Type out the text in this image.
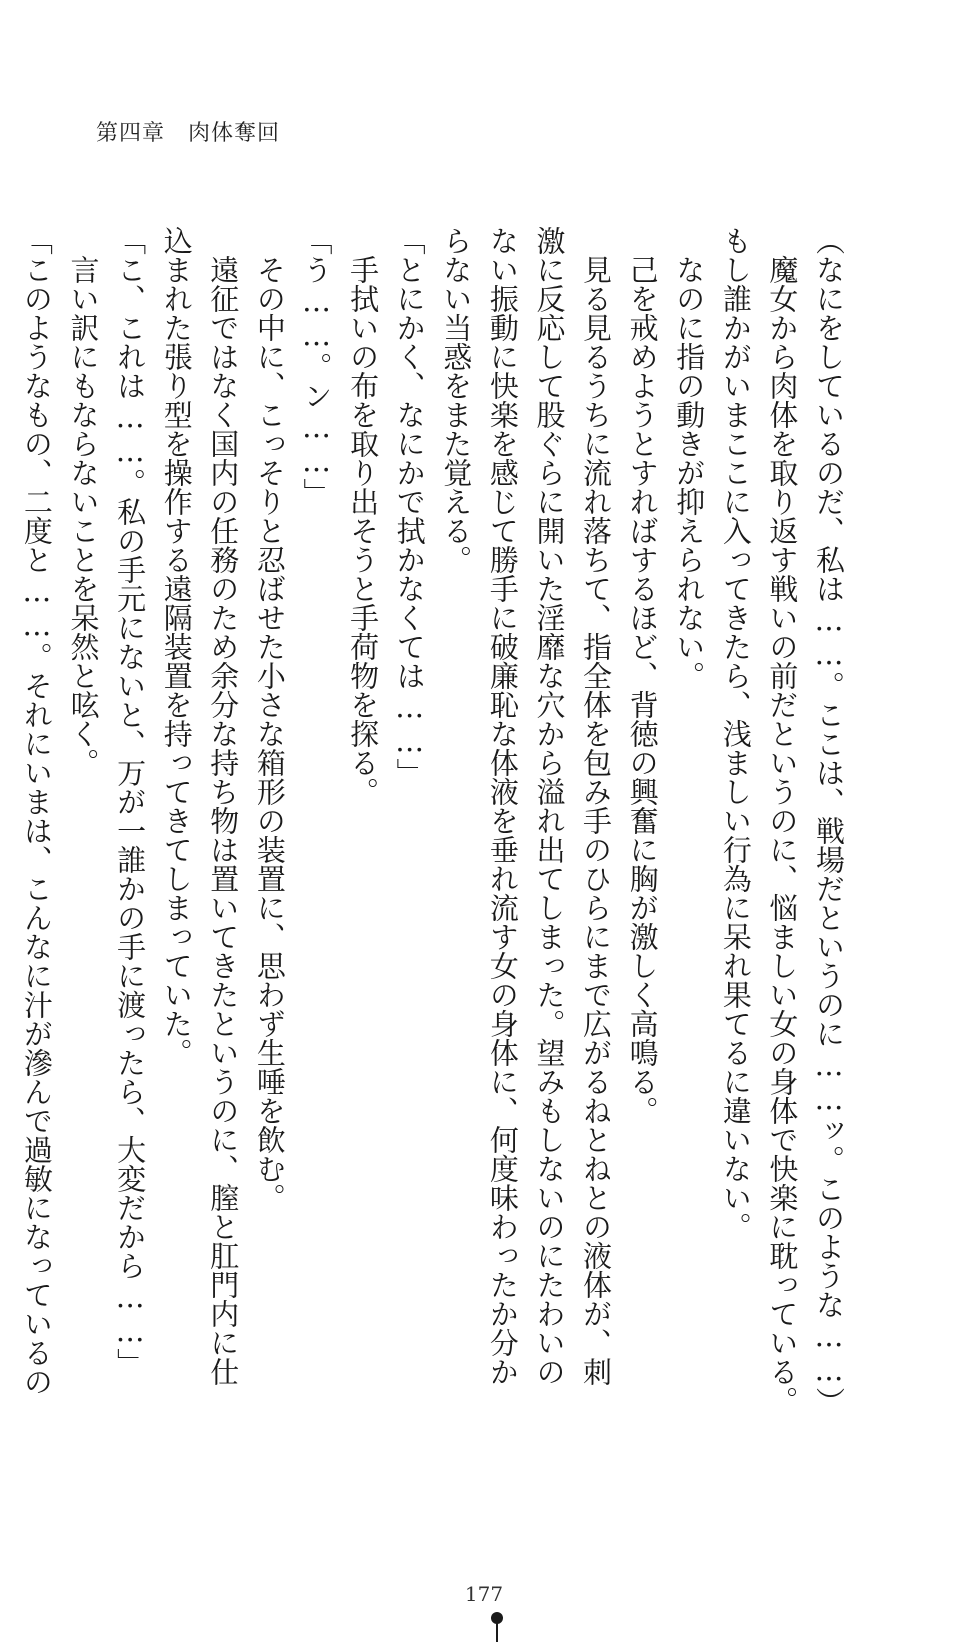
第四章　肉体奪回
（なにをしているのだ、私は……。ここは、戦場だというのに……ッ。このような……）
　魔女から肉体を取り返す戦いの前だというのに、悩ましい女の身体で快楽に耽っている。
もし誰かがいまここに入ってきたら、浅ましい行為に呆れ果てるに違いない。
　なのに指の動きが抑えられない。
　己を戒めようとすればするほど、背徳の興奮に胸が激しく高鳴る。
　見る見るうちに流れ落ちて、指全体を包み手のひらにまで広がるねとねとの液体が、刺
激に反応して股ぐらに開いた淫靡な穴から溢れ出てしまった。望みもしないのにたわいの
ない振動に快楽を感じて勝手に破廉恥な体液を垂れ流す女の身体に、何度味わったか分か
らない当惑をまた覚える。
「とにかく、なにかで拭かなくては……」
　手拭いの布を取り出そうと手荷物を探る。
「う……。ン……」
　その中に、こっそりと忍ばせた小さな箱形の装置に、思わず生唾を飲む。
　遠征ではなく国内の任務のため余分な持ち物は置いてきたというのに、膣と肛門内に仕
込まれた張り型を操作する遠隔装置を持ってきてしまっていた。
「こ、これは……。私の手元にないと、万が一誰かの手に渡ったら、大変だから……」
　言い訳にもならないことを呆然と呟く。
「このようなもの、二度と……。それにいまは、こんなに汁が滲んで過敏になっているの
177
